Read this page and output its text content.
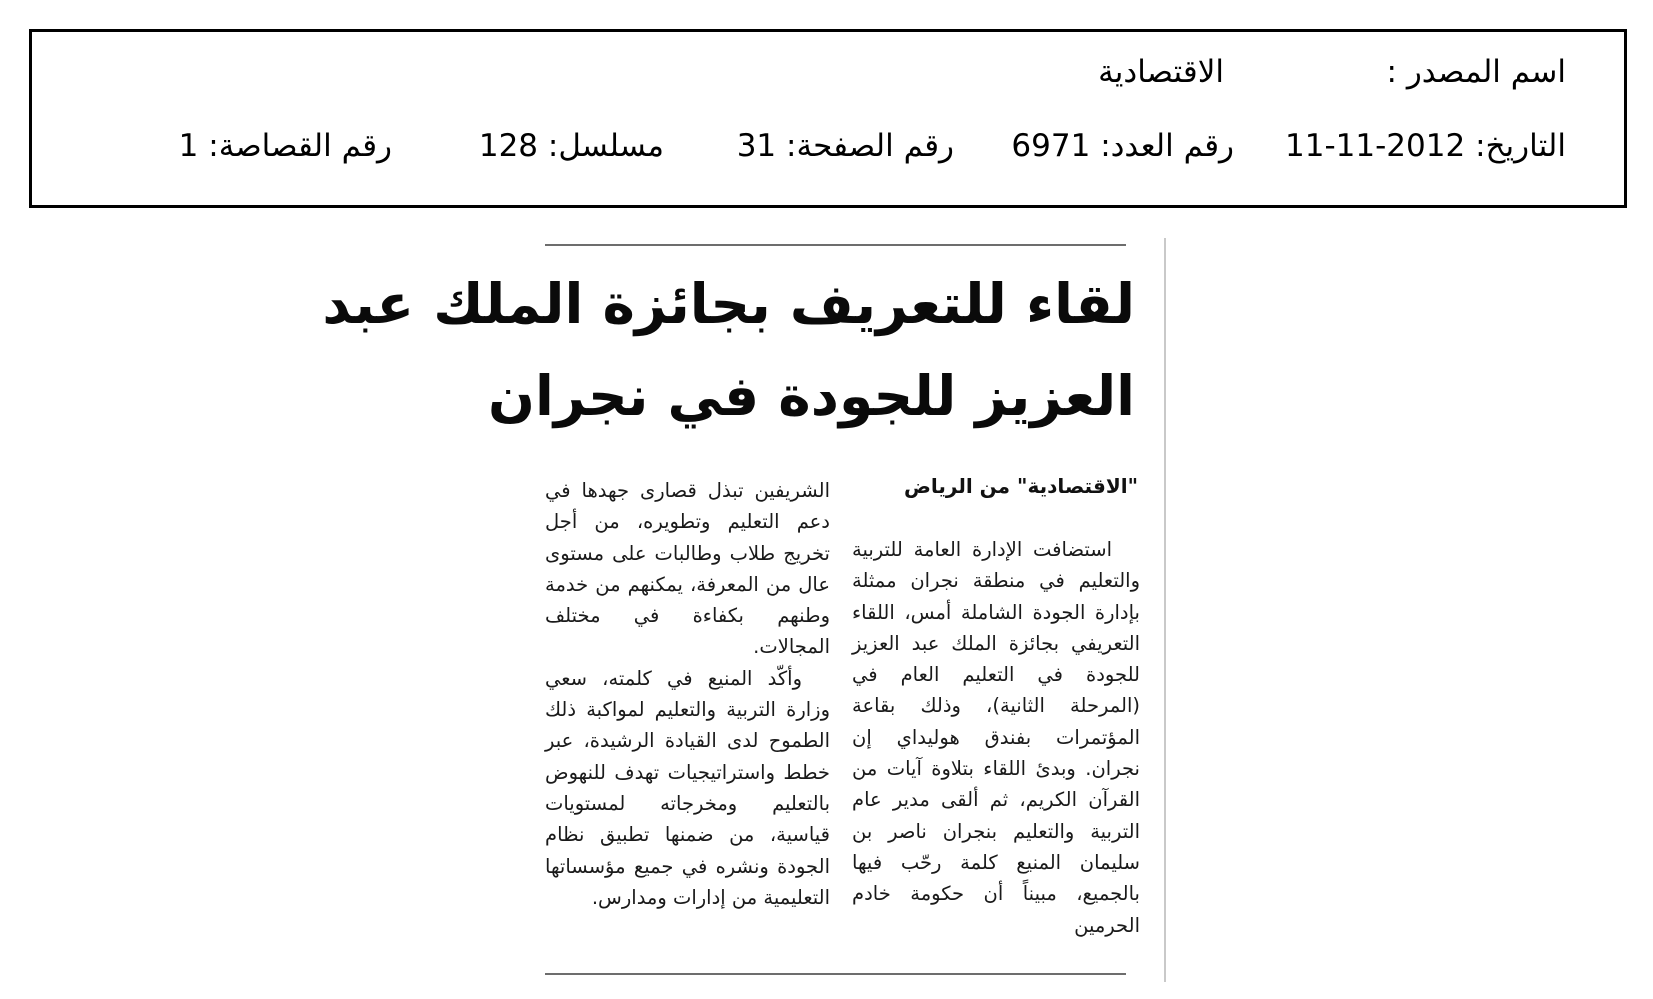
اسم المصدر :
الاقتصادية
التاريخ: 11-11-2012
رقم العدد: 6971
رقم الصفحة: 31
مسلسل: 128
رقم القصاصة: 1
لقاء للتعريف بجائزة الملك عبد
العزيز للجودة في نجران
"الاقتصادية" من الرياض

استضافت الإدارة العامة للتربية والتعليم في منطقة نجران ممثلة بإدارة الجودة الشاملة أمس، اللقاء التعريفي بجائزة الملك عبد العزيز للجودة في التعليم العام في (المرحلة الثانية)، وذلك بقاعة المؤتمرات بفندق هوليداي إن نجران. وبدئ اللقاء بتلاوة آيات من القرآن الكريم، ثم ألقى مدير عام التربية والتعليم بنجران ناصر بن سليمان المنيع كلمة رحّب فيها بالجميع، مبيناً أن حكومة خادم الحرمين

الشريفين تبذل قصارى جهدها في دعم التعليم وتطويره، من أجل تخريج طلاب وطالبات على مستوى عال من المعرفة، يمكنهم من خدمة وطنهم بكفاءة في مختلف المجالات.

وأكّد المنيع في كلمته، سعي وزارة التربية والتعليم لمواكبة ذلك الطموح لدى القيادة الرشيدة، عبر خطط واستراتيجيات تهدف للنهوض بالتعليم ومخرجاته لمستويات قياسية، من ضمنها تطبيق نظام الجودة ونشره في جميع مؤسساتها التعليمية من إدارات ومدارس.
